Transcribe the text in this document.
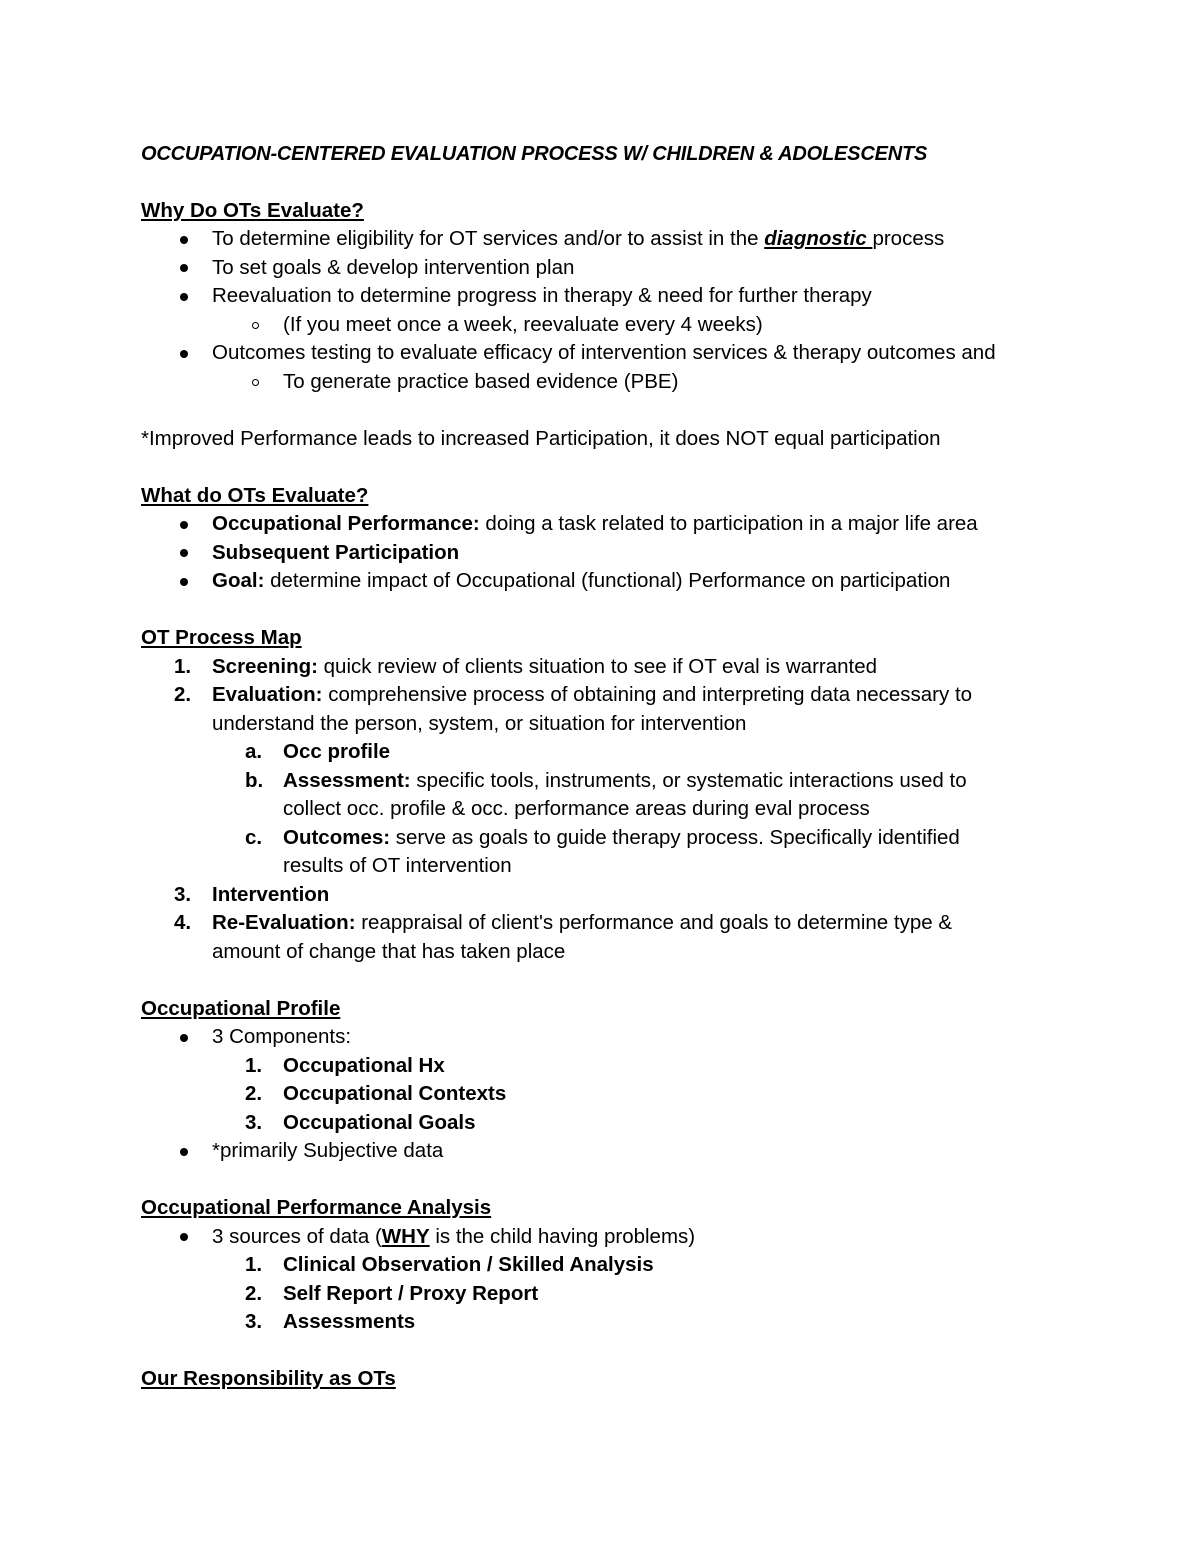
OCCUPATION-CENTERED EVALUATION PROCESS W/ CHILDREN & ADOLESCENTS
Why Do OTs Evaluate?
To determine eligibility for OT services and/or to assist in the diagnostic process
To set goals & develop intervention plan
Reevaluation to determine progress in therapy & need for further therapy
(If you meet once a week, reevaluate every 4 weeks)
Outcomes testing to evaluate efficacy of intervention services & therapy outcomes and
To generate practice based evidence (PBE)
*Improved Performance leads to increased Participation, it does NOT equal participation
What do OTs Evaluate?
Occupational Performance: doing a task related to participation in a major life area
Subsequent Participation
Goal: determine impact of Occupational (functional) Performance on participation
OT Process Map
1. Screening: quick review of clients situation to see if OT eval is warranted
2. Evaluation: comprehensive process of obtaining and interpreting data necessary to
understand the person, system, or situation for intervention
a. Occ profile
b. Assessment: specific tools, instruments, or systematic interactions used to
collect occ. profile & occ. performance areas during eval process
c. Outcomes: serve as goals to guide therapy process. Specifically identified
results of OT intervention
3. Intervention
4. Re-Evaluation: reappraisal of client's performance and goals to determine type &
amount of change that has taken place
Occupational Profile
3 Components:
1. Occupational Hx
2. Occupational Contexts
3. Occupational Goals
*primarily Subjective data
Occupational Performance Analysis
3 sources of data (WHY is the child having problems)
1. Clinical Observation / Skilled Analysis
2. Self Report / Proxy Report
3. Assessments
Our Responsibility as OTs
